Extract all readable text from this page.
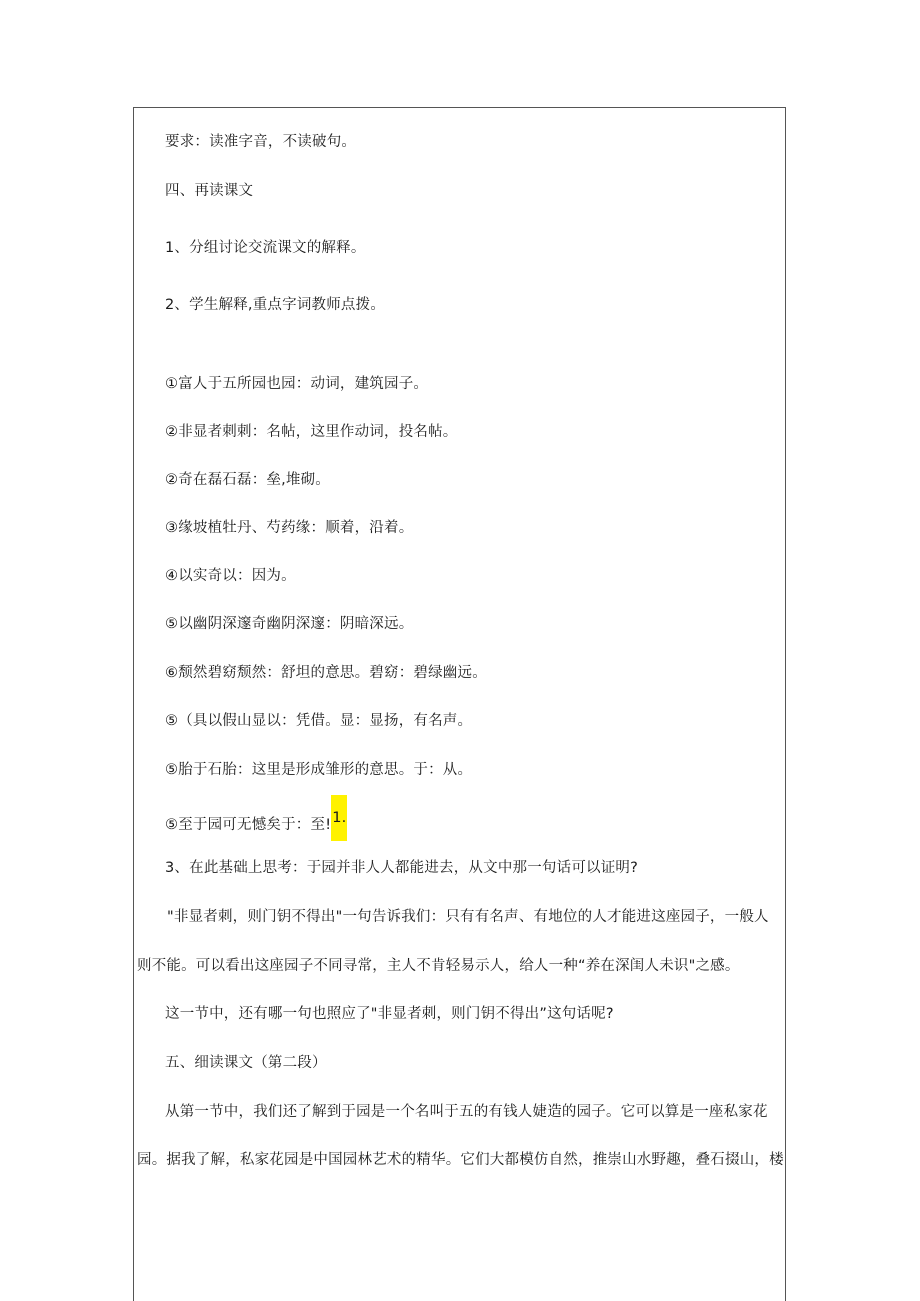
要求：读准字音，不读破句。
四、再读课文
1、分组讨论交流课文的解释。
2、学生解释,重点字词教师点拨。
①富人于五所园也园：动词，建筑园子。
②非显者刺刺：名帖，这里作动词，投名帖。
②奇在磊石磊：垒,堆砌。
③缘坡植牡丹、芍药缘：顺着，沿着。
④以实奇以：因为。
⑤以幽阴深邃奇幽阴深邃：阴暗深远。
⑥颓然碧窈颓然：舒坦的意思。碧窈：碧绿幽远。
⑤（具以假山显以：凭借。显：显扬，有名声。
⑤胎于石胎：这里是形成雏形的意思。于：从。
⑤至于园可无憾矣于：至!1.
3、在此基础上思考：于园并非人人都能进去，从文中那一句话可以证明?
"非显者刺，则门钥不得出"一句告诉我们：只有有名声、有地位的人才能进这座园子，一般人
则不能。可以看出这座园子不同寻常，主人不肯轻易示人，给人一种“养在深闺人未识"之感。
这一节中，还有哪一句也照应了"非显者刺，则门钥不得出”这句话呢?
五、细读课文（第二段）
从第一节中，我们还了解到于园是一个名叫于五的有钱人婕造的园子。它可以算是一座私家花
园。据我了解，私家花园是中国园林艺术的精华。它们大都模仿自然，推崇山水野趣，叠石掇山，楼
